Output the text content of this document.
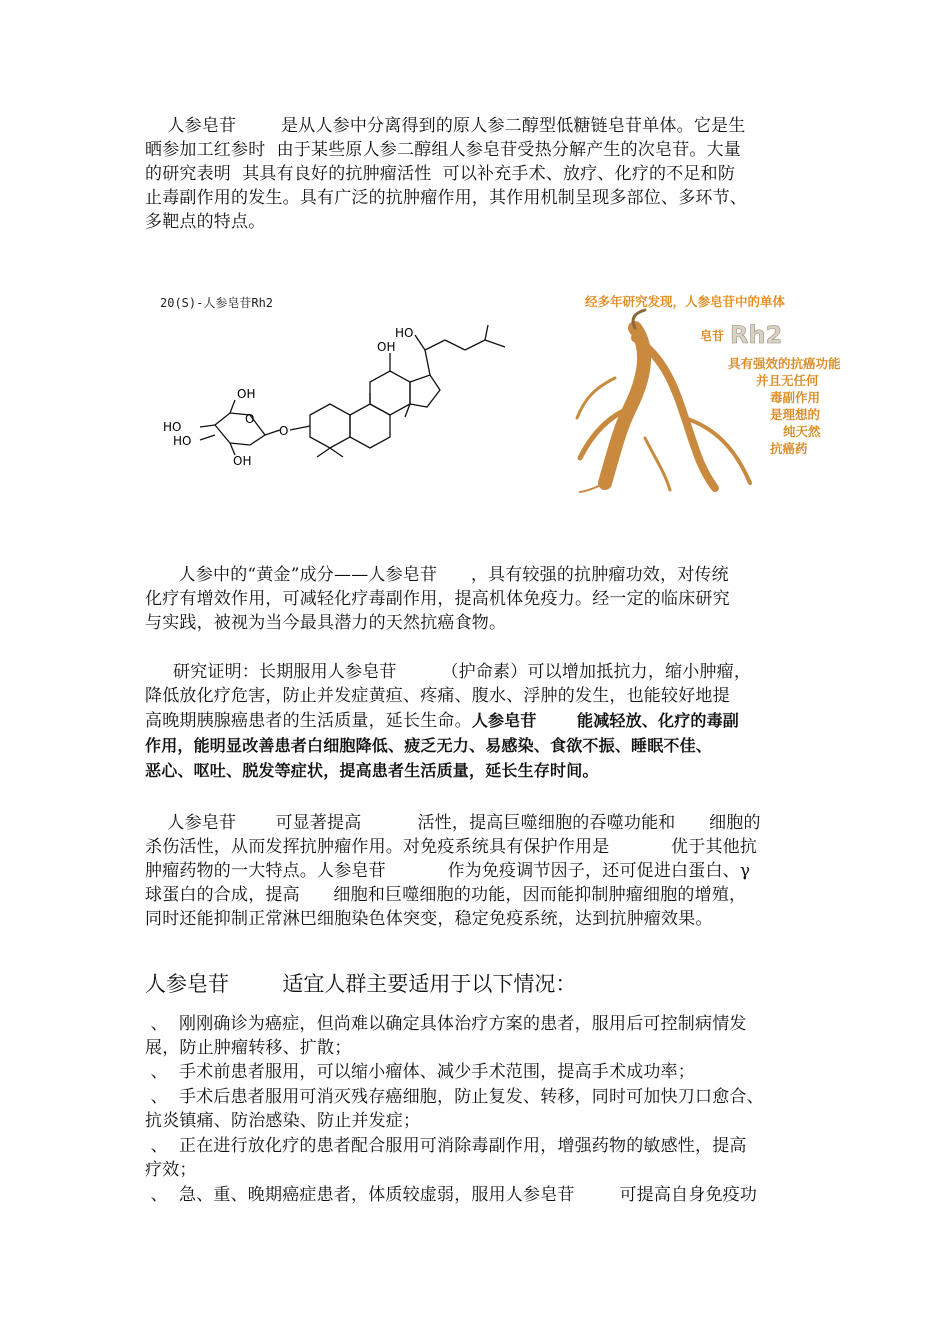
人参皂苷        是从人参中分离得到的原人参二醇型低糖链皂苷单体。它是生
晒参加工红参时  由于某些原人参二醇组人参皂苷受热分解产生的次皂苷。大量
的研究表明  其具有良好的抗肿瘤活性  可以补充手术、放疗、化疗的不足和防
止毒副作用的发生。具有广泛的抗肿瘤作用，其作用机制呈现多部位、多环节、
多靶点的特点。
20(S)-人参皂苷Rh2
HO
OH
OH
O
HO
HO
OH
O
经多年研究发现，人参皂苷中的单体
皂苷 Rh2
具有强效的抗癌功能
并且无任何
毒副作用
是理想的
纯天然
抗癌药
人参中的“黄金”成分——人参皂苷      ，具有较强的抗肿瘤功效，对传统
化疗有增效作用，可减轻化疗毒副作用，提高机体免疫力。经一定的临床研究
与实践，被视为当今最具潜力的天然抗癌食物。
研究证明：长期服用人参皂苷        （护命素）可以增加抵抗力，缩小肿瘤，
降低放化疗危害，防止并发症黄疸、疼痛、腹水、浮肿的发生，也能较好地提
高晚期胰腺癌患者的生活质量，延长生命。人参皂苷       能减轻放、化疗的毒副
作用，能明显改善患者白细胞降低、疲乏无力、易感染、食欲不振、睡眠不佳、
恶心、呕吐、脱发等症状，提高患者生活质量，延长生存时间。
人参皂苷       可显著提高          活性，提高巨噬细胞的吞噬功能和      细胞的
杀伤活性，从而发挥抗肿瘤作用。对免疫系统具有保护作用是           优于其他抗
肿瘤药物的一大特点。人参皂苷           作为免疫调节因子，还可促进白蛋白、γ
球蛋白的合成，提高      细胞和巨噬细胞的功能，因而能抑制肿瘤细胞的增殖，
同时还能抑制正常淋巴细胞染色体突变，稳定免疫系统，达到抗肿瘤效果。
人参皂苷        适宜人群主要适用于以下情况：
、  刚刚确诊为癌症，但尚难以确定具体治疗方案的患者，服用后可控制病情发
展，防止肿瘤转移、扩散；
、  手术前患者服用，可以缩小瘤体、减少手术范围，提高手术成功率；
、  手术后患者服用可消灭残存癌细胞，防止复发、转移，同时可加快刀口愈合、
抗炎镇痛、防治感染、防止并发症；
、  正在进行放化疗的患者配合服用可消除毒副作用，增强药物的敏感性，提高
疗效；
、  急、重、晚期癌症患者，体质较虚弱，服用人参皂苷        可提高自身免疫功
